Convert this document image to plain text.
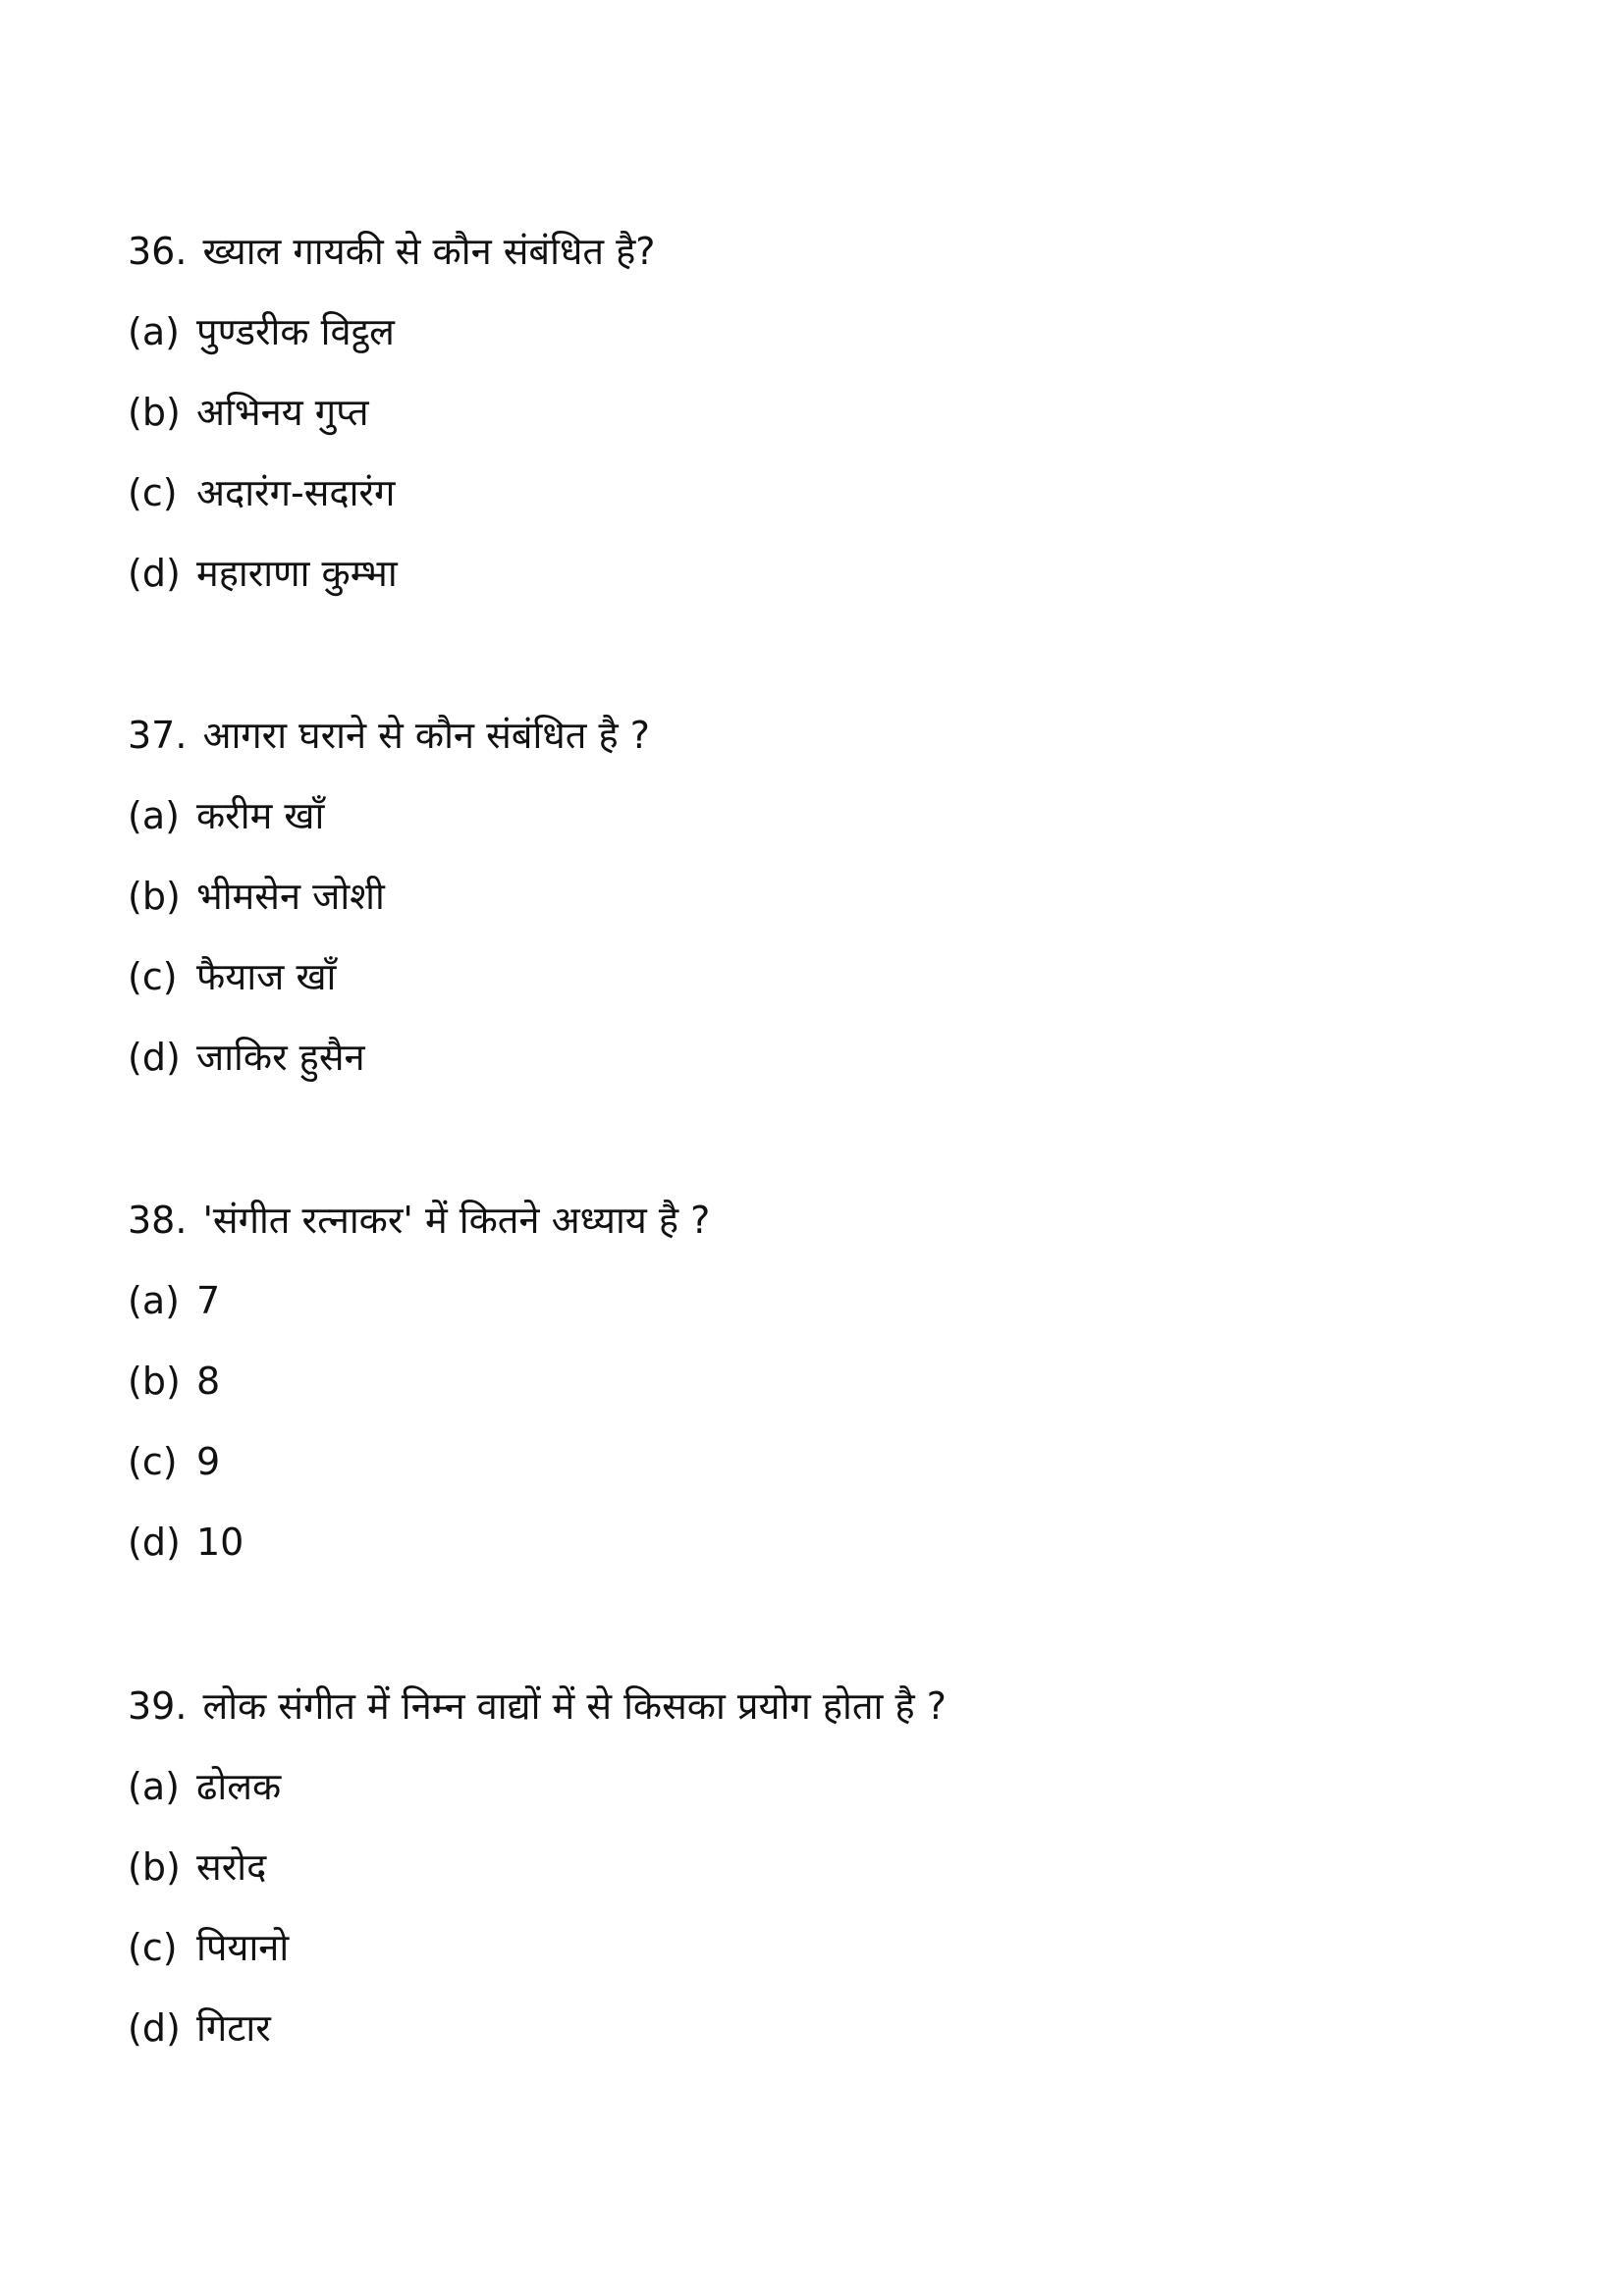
36. ख्याल गायकी से कौन संबंधित है?
(a) पुण्डरीक विट्ठल
(b) अभिनय गुप्त
(c) अदारंग-सदारंग
(d) महाराणा कुम्भा
37. आगरा घराने से कौन संबंधित है ?
(a) करीम खाँ
(b) भीमसेन जोशी
(c) फैयाज खाँ
(d) जाकिर हुसैन
38. 'संगीत रत्नाकर' में कितने अध्याय है ?
(a) 7
(b) 8
(c) 9
(d) 10
39. लोक संगीत में निम्न वाद्यों में से किसका प्रयोग होता है ?
(a) ढोलक
(b) सरोद
(c) पियानो
(d) गिटार
